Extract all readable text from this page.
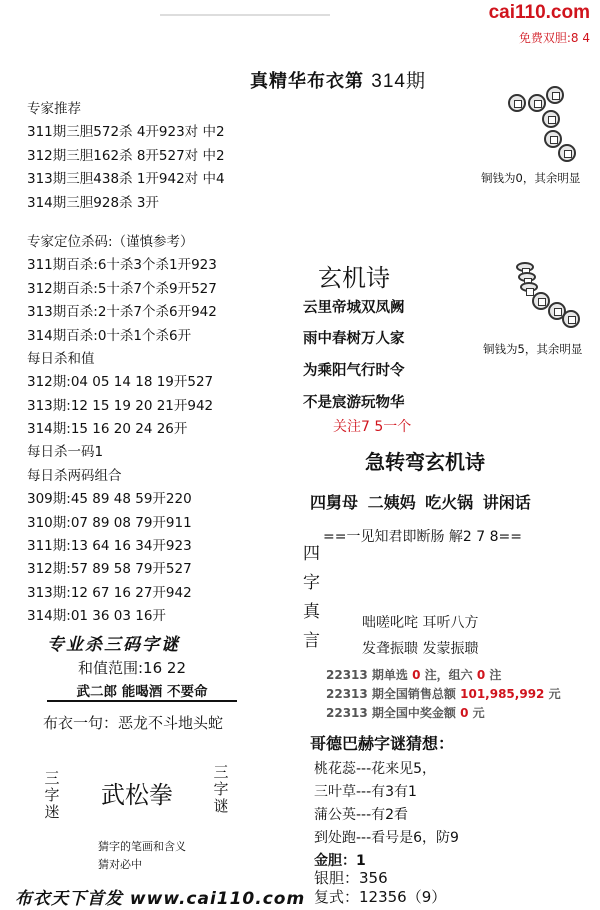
cai110.com
免费双胆:8 4
真精华布衣第 314期
专家推荐
311期三胆572杀 4开923对 中2
312期三胆162杀 8开527对 中2
313期三胆438杀 1开942对 中4
314期三胆928杀 3开
专家定位杀码:（谨慎参考）
311期百杀:6十杀3个杀1开923
312期百杀:5十杀7个杀9开527
313期百杀:2十杀7个杀6开942
314期百杀:0十杀1个杀6开
每日杀和值
312期:04 05 14 18 19开527
313期:12 15 19 20 21开942
314期:15 16 20 24 26开
每日杀一码1
每日杀两码组合
309期:45 89 48 59开220
310期:07 89 08 79开911
311期:13 64 16 34开923
312期:57 89 58 79开527
313期:12 67 16 27开942
314期:01 36 03 16开
专业杀三码字谜
和值范围:16 22
武二郎 能喝酒 不要命
布衣一句：恶龙不斗地头蛇
三
字
迷
武松拳
三
字
谜
猜字的笔画和含义
猜对必中
布衣天下首发 www.cai110.com
铜钱为0，其余明显
铜钱为5，其余明显
玄机诗
云里帝城双凤阙
雨中春树万人家
为乘阳气行时令
不是宸游玩物华
关注7 5一个
急转弯玄机诗
四舅母 二姨妈 吃火锅 讲闲话
==一见知君即断肠 解2 7 8==
四
字
真
言
咄嗟叱咤 耳听八方
发聋振聩 发蒙振聩
22313 期单选 0 注，组六 0 注
22313 期全国销售总额 101,985,992 元
22313 期全国中奖金额 0 元
哥德巴赫字谜猜想：
桃花蕊---花来见5，
三叶草---有3有1
蒲公英---有2看
到处跑---看号是6，防9
金胆：1
银胆：356
复式：12356（9）
